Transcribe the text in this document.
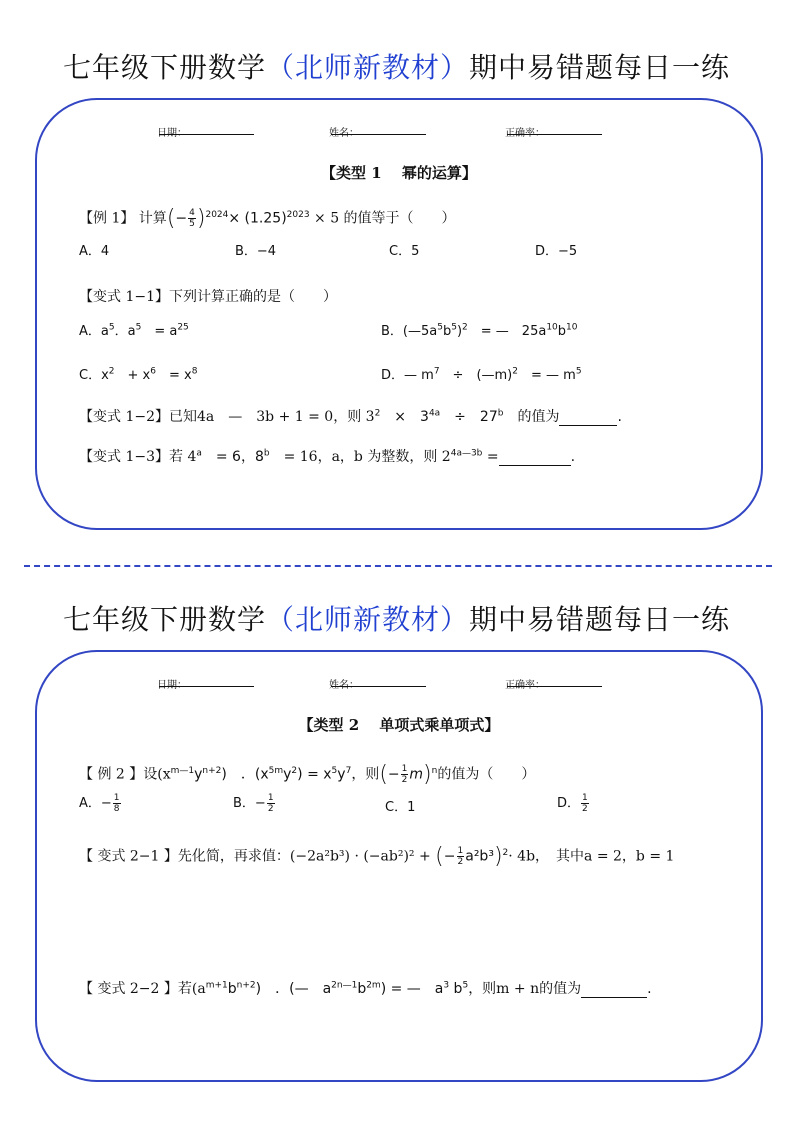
七年级下册数学（北师新教材）期中易错题每日一练
日期：	姓名：	正确率：
【类型 1　 幂的运算】
【例 1】 计算(− $\frac{4}{5} )^{2024}\times (1.25)^{2023} \times 5$ 的值等于（　　）
A．4	B．−4	C．5	D．−5
【变式 1−1】下列计算正确的是（　　）
A．$a^5$．$a^5$　= $a^{25}$	B．$(—5a^5b^5)^2$　= —　$25a^{10}b^{10}$
C．$x^2$　+ $x^6$　= $x^8$	D．— $m^7$　÷　(—m)$^2$　= — $m^5$
【变式 1−2】已知4a　—　3b + 1 = 0，则 $3^2$　×　$3^{4a}$　÷　$27^b$　的值为	.
【变式 1−3】若 $4^a$　= 6，$8^b$　= 16，a，b 为整数，则 $2^{4a—3b}$ =	.
七年级下册数学（北师新教材）期中易错题每日一练
日期：	姓名：	正确率：
【类型 2　 单项式乘单项式】
【 例 2 】设$(x^{m—1}y^{n+2})$　．$(x^{5m}y^2) = x^5y^7$，则(− $\frac{1}{2} m)^n$的值为（　　）
A．− $\frac{1}{8}$	B．− $\frac{1}{2}$	C．1	D． $\frac{1}{2}$
【 变式 2−1 】先化简，再求值：(−2a²b³) · (−ab²)² + (− $\frac{1}{2} a^2b^3)^2\cdot 4b$，　其中a = 2，b = 1
【 变式 2−2 】若$(a^{m+1}b^{n+2})$　．(—　$a^{2n—1}b^{2m}$) = —　$a^3$ $b^5$，则m + n的值为	.
